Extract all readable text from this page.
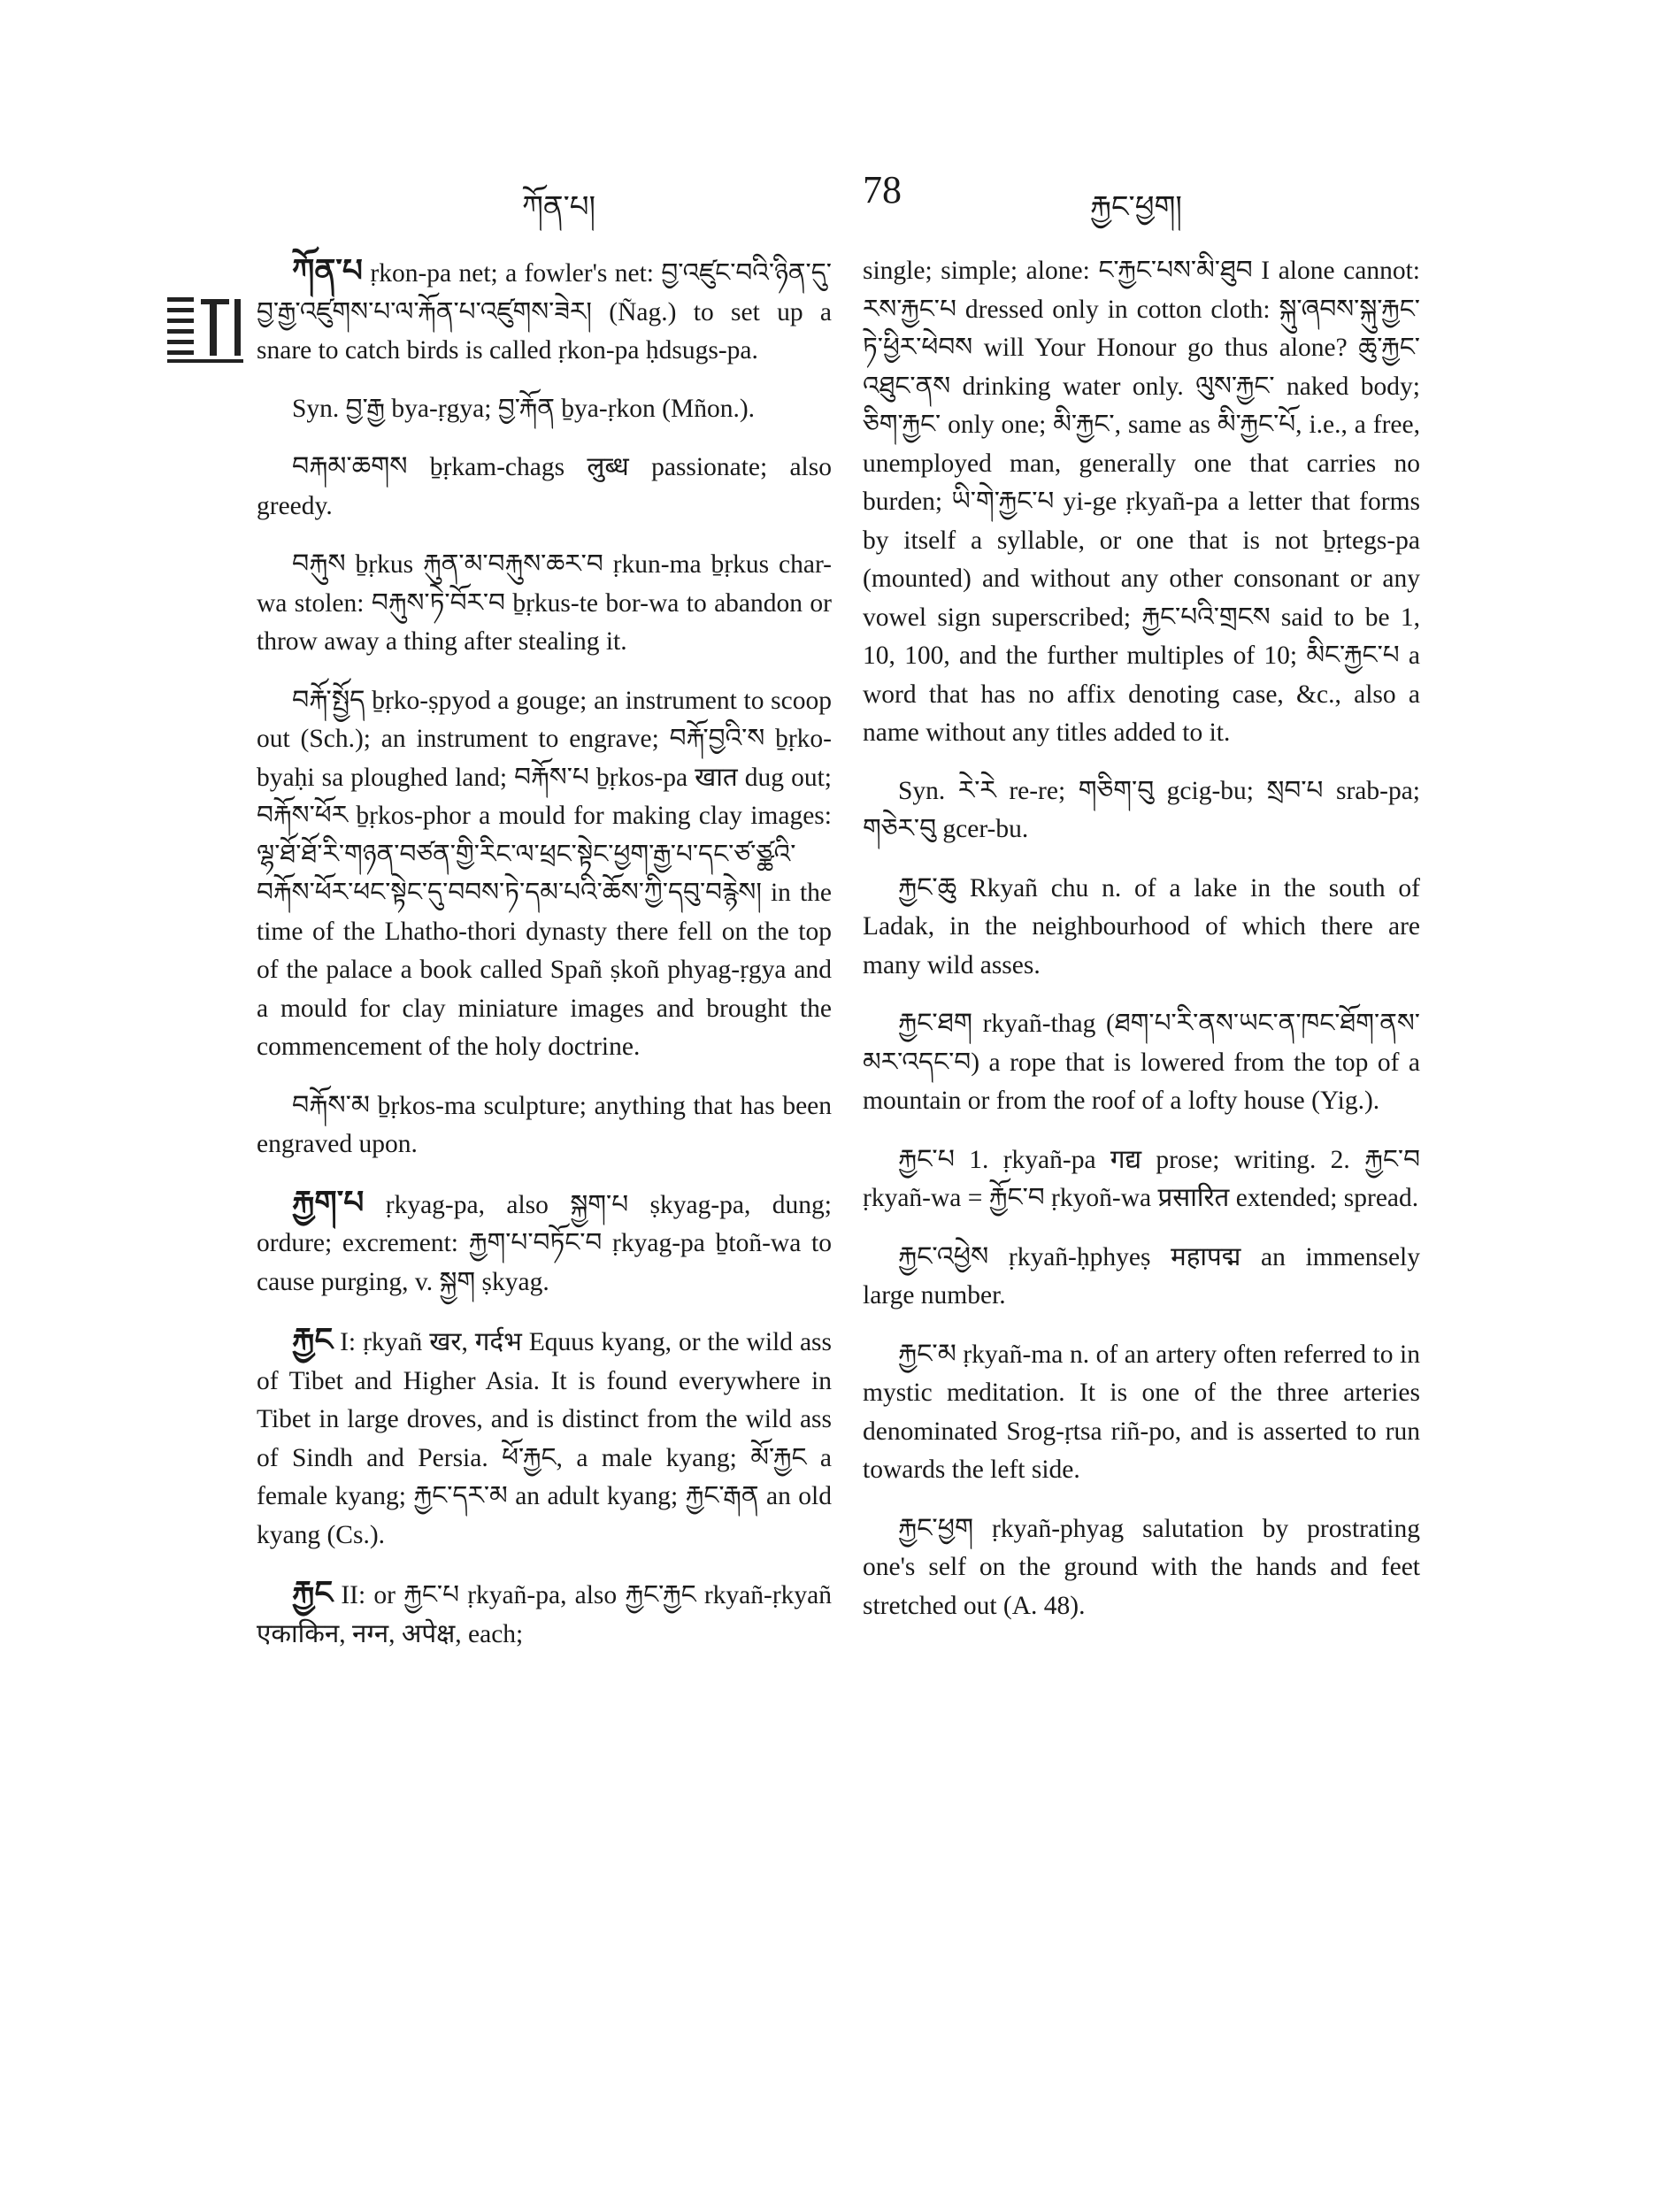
ཀོན་པ།	78	རྐྱང་ཕྱག།

ཀོན་པ ṛkon-pa net; a fowler's net: བྱ་འཛུང་བའི་ཉིན་དུ་བྱ་རྒྱ་འཛུགས་པ་ལ་རྐོན་པ་འཛུགས་ཟེར། (Ñag.) to set up a snare to catch birds is called ṛkon-pa ḥdsugs-pa.

Syn. བྱ་རྒྱ bya-ṛgya; བྱ་རྐོན ḇya-ṛkon (Mñon.).

བརྐམ་ཆགས ḇṛkam-chags लुब्ध passionate; also greedy.

བརྐུས ḇṛkus རྐུན་མ་བརྐུས་ཆར་བ ṛkun-ma ḇṛkus char-wa stolen: བརྐུས་ཏེ་བོར་བ ḇṛkus-te bor-wa to abandon or throw away a thing after stealing it.

བརྐོ་སྤྱོད ḇṛko-ṣpyod a gouge; an instrument to scoop out (Sch.); an instrument to engrave; བརྐོ་བྱའི་ས ḇṛko-byaḥi sa ploughed land; བརྐོས་པ ḇṛkos-pa खात dug out; བརྐོས་ཕོར ḇṛkos-phor a mould for making clay images: ལྷ་ཐོ་ཐོ་རི་གཉན་བཙན་གྱི་རིང་ལ་ཕྲང་སྟེང་ཕྱག་རྒྱ་པ་དང་ཙ་ཙྪའི་བརྐོས་ཕོར་ཕང་སྟེང་དུ་བབས་ཏེ་དམ་པའི་ཆོས་ཀྱི་དབུ་བརྙེས། in the time of the Lhatho-thori dynasty there fell on the top of the palace a book called Spañ ṣkoñ phyag-ṛgya and a mould for clay miniature images and brought the commencement of the holy doctrine.

བརྐོས་མ ḇṛkos-ma sculpture; anything that has been engraved upon.

རྐྱག་པ ṛkyag-pa, also སྐྱག་པ ṣkyag-pa, dung; ordure; excrement: རྐྱག་པ་བཏོང་བ ṛkyag-pa ḇtoñ-wa to cause purging, v. སྐྱག ṣkyag.

རྐྱང I: ṛkyañ खर, गर्दभ Equus kyang, or the wild ass of Tibet and Higher Asia. It is found everywhere in Tibet in large droves, and is distinct from the wild ass of Sindh and Persia. ཕོ་རྐྱང, a male kyang; མོ་རྐྱང a female kyang; རྐྱང་དར་མ an adult kyang; རྐྱང་རྒན an old kyang (Cs.).

རྐྱང II: or རྐྱང་པ ṛkyañ-pa, also རྐྱང་རྐྱང rkyañ-ṛkyañ एकाकिन, नग्न, अपेक्ष, each;

single; simple; alone: ང་རྐྱང་པས་མི་ཐུབ I alone cannot: རས་རྐྱང་པ dressed only in cotton cloth: སྐུ་ཞབས་སྐུ་རྐྱང་ཏེ་ཕྱིར་ཕེབས will Your Honour go thus alone? ཆུ་རྐྱང་འཐུང་ནས drinking water only. ལུས་རྐྱང་ naked body; ཅིག་རྐྱང་ only one; མི་རྐྱང་, same as མི་རྐྱང་པོ, i.e., a free, unemployed man, generally one that carries no burden; ཡི་གེ་རྐྱང་པ yi-ge ṛkyañ-pa a letter that forms by itself a syllable, or one that is not ḇṛtegs-pa (mounted) and without any other consonant or any vowel sign superscribed; རྐྱང་པའི་གྲངས said to be 1, 10, 100, and the further multiples of 10; མིང་རྐྱང་པ a word that has no affix denoting case, &c., also a name without any titles added to it.

Syn. རེ་རེ re-re; གཅིག་བུ gcig-bu; སྲབ་པ srab-pa; གཅེར་བུ gcer-bu.

རྐྱང་ཆུ Rkyañ chu n. of a lake in the south of Ladak, in the neighbourhood of which there are many wild asses.

རྐྱང་ཐག rkyañ-thag (ཐག་པ་རི་ནས་ཡང་ན་ཁང་ཐོག་ནས་མར་འདང་བ) a rope that is lowered from the top of a mountain or from the roof of a lofty house (Yig.).

རྐྱང་པ 1. ṛkyañ-pa गद्य prose; writing. 2. རྐྱང་བ ṛkyañ-wa = རྐྱོང་བ ṛkyoñ-wa प्रसारित extended; spread.

རྐྱང་འཕྱེས ṛkyañ-ḥphyeṣ महापद्म an immensely large number.

རྐྱང་མ ṛkyañ-ma n. of an artery often referred to in mystic meditation. It is one of the three arteries denominated Srog-ṛtsa riñ-po, and is asserted to run towards the left side.

རྐྱང་ཕྱག ṛkyañ-phyag salutation by prostrating one's self on the ground with the hands and feet stretched out (A. 48).
